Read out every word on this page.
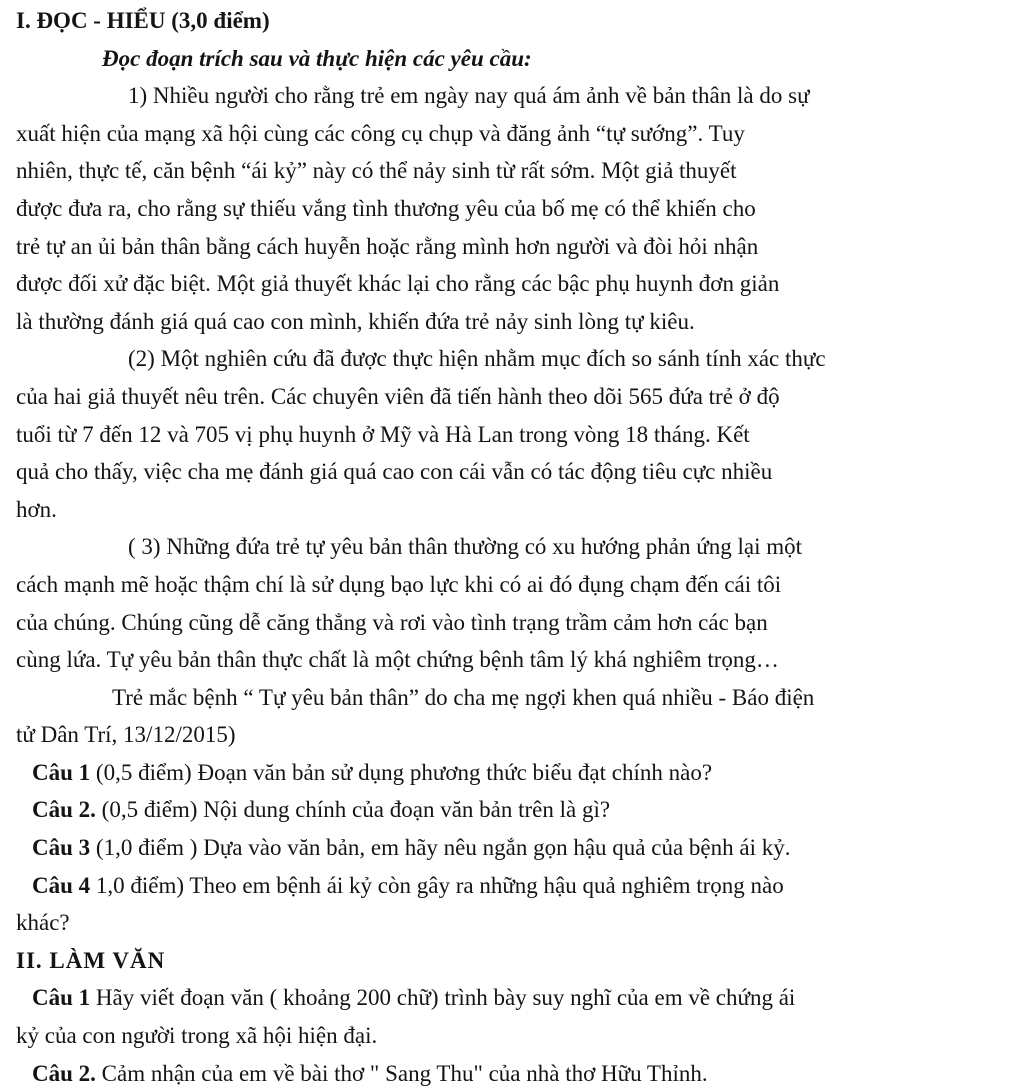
I. ĐỌC - HIỂU (3,0 điểm)
Đọc đoạn trích sau và thực hiện các yêu cầu:
1) Nhiều người cho rằng trẻ em ngày nay quá ám ảnh về bản thân là do sự
xuất hiện của mạng xã hội cùng các công cụ chụp và đăng ảnh “tự sướng”. Tuy
nhiên, thực tế, căn bệnh “ái kỷ” này có thể nảy sinh từ rất sớm. Một giả thuyết
được đưa ra, cho rằng sự thiếu vắng tình thương yêu của bố mẹ có thể khiến cho
trẻ tự an ủi bản thân bằng cách huyễn hoặc rằng mình hơn người và đòi hỏi nhận
được đối xử đặc biệt. Một giả thuyết khác lại cho rằng các bậc phụ huynh đơn giản
là thường đánh giá quá cao con mình, khiến đứa trẻ nảy sinh lòng tự kiêu.
(2) Một nghiên cứu đã được thực hiện nhằm mục đích so sánh tính xác thực
của hai giả thuyết nêu trên. Các chuyên viên đã tiến hành theo dõi 565 đứa trẻ ở độ
tuổi từ 7 đến 12 và 705 vị phụ huynh ở Mỹ và Hà Lan trong vòng 18 tháng. Kết
quả cho thấy, việc cha mẹ đánh giá quá cao con cái vẫn có tác động tiêu cực nhiều
hơn.
( 3) Những đứa trẻ tự yêu bản thân thường có xu hướng phản ứng lại một
cách mạnh mẽ hoặc thậm chí là sử dụng bạo lực khi có ai đó đụng chạm đến cái tôi
của chúng. Chúng cũng dễ căng thẳng và rơi vào tình trạng trầm cảm hơn các bạn
cùng lứa. Tự yêu bản thân thực chất là một chứng bệnh tâm lý khá nghiêm trọng…
Trẻ mắc bệnh “ Tự yêu bản thân” do cha mẹ ngợi khen quá nhiều - Báo điện
tử Dân Trí, 13/12/2015)
Câu 1 (0,5 điểm) Đoạn văn bản sử dụng phương thức biểu đạt chính nào?
Câu 2. (0,5 điểm) Nội dung chính của đoạn văn bản trên là gì?
Câu 3 (1,0 điểm ) Dựa vào văn bản, em hãy nêu ngắn gọn hậu quả của bệnh ái kỷ.
Câu 4 1,0 điểm) Theo em bệnh ái kỷ còn gây ra những hậu quả nghiêm trọng nào
khác?
II. LÀM VĂN
Câu 1 Hãy viết đoạn văn ( khoảng 200 chữ) trình bày suy nghĩ của em về chứng ái
kỷ của con người trong xã hội hiện đại.
Câu 2. Cảm nhận của em về bài thơ " Sang Thu" của nhà thơ Hữu Thỉnh.
